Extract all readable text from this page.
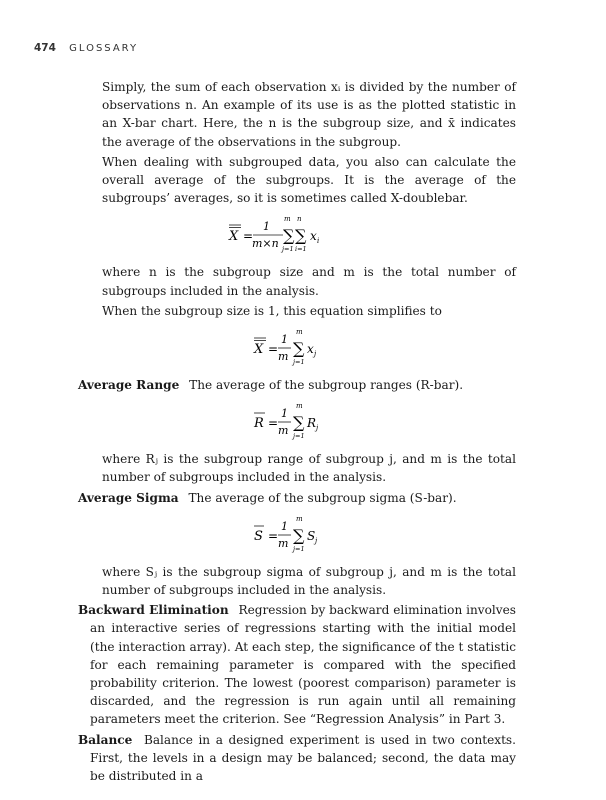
474 GLOSSARY

Simply, the sum of each observation xᵢ is divided by the number of observations n. An example of its use is as the plotted statistic in an X-bar chart. Here, the n is the subgroup size, and x̄ indicates the average of the observations in the subgroup.

When dealing with subgrouped data, you also can calculate the overall average of the subgroups. It is the average of the subgroups’ averages, so it is sometimes called X-doublebar.

X =
1
m×n
m
∑
j=1
n
∑
i=1
x i

where n is the subgroup size and m is the total number of subgroups included in the analysis.

When the subgroup size is 1, this equation simplifies to

X =
1
m
m
∑
j=1
x j

Average Range The average of the subgroup ranges (R-bar).

R =
1
m
m
∑
j=1
R j

where Rⱼ is the subgroup range of subgroup j, and m is the total number of subgroups included in the analysis.

Average Sigma The average of the subgroup sigma (S-bar).

S =
1
m
m
∑
j=1
S j

where Sⱼ is the subgroup sigma of subgroup j, and m is the total number of subgroups included in the analysis.

Backward Elimination Regression by backward elimination involves an interactive series of regressions starting with the initial model (the interaction array). At each step, the significance of the t statistic for each remaining parameter is compared with the specified probability criterion. The lowest (poorest comparison) parameter is discarded, and the regression is run again until all remaining parameters meet the criterion. See “Regression Analysis” in Part 3.

Balance Balance in a designed experiment is used in two contexts. First, the levels in a design may be balanced; second, the data may be distributed in a
